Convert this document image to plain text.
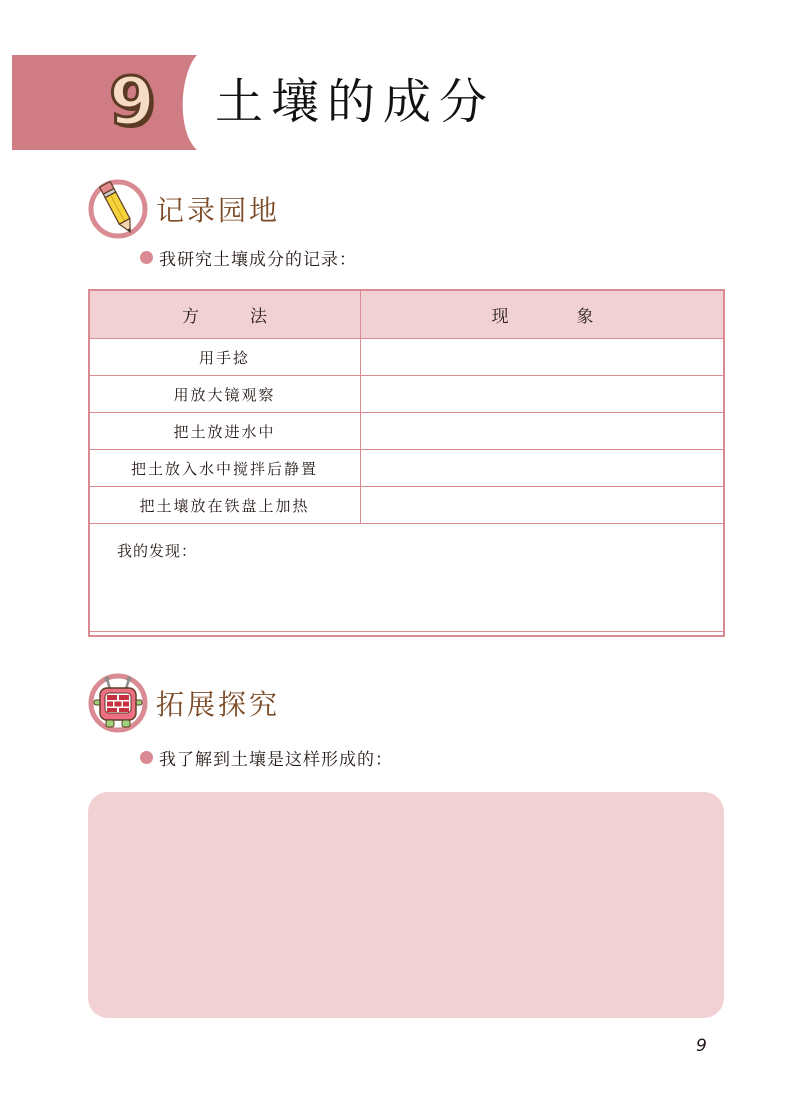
9 土壤的成分
记录园地
我研究土壤成分的记录：
方　　　法	现　　　　象
用手捻	
用放大镜观察	
把土放进水中	
把土放入水中搅拌后静置	
把土壤放在铁盘上加热	

我的发现：	
拓展探究
我了解到土壤是这样形成的：
9
